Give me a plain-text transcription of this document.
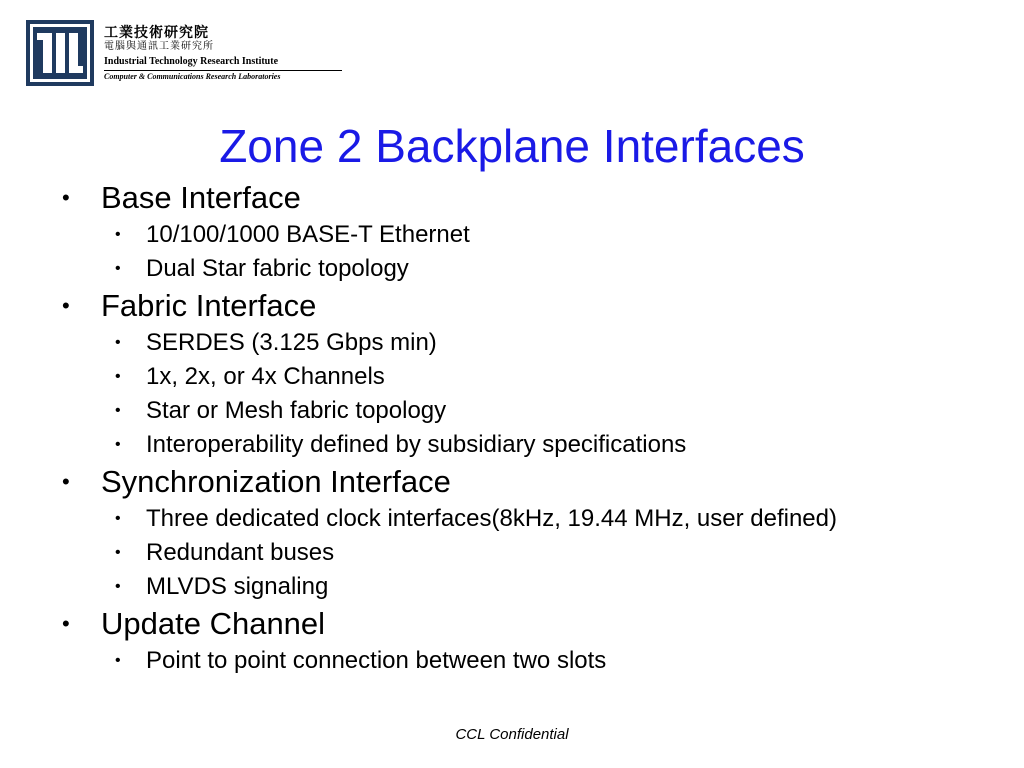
工業技術研究院
電腦與通訊工業研究所
Industrial Technology Research Institute
Computer & Communications Research Laboratories
Zone 2 Backplane Interfaces
• Base Interface
• 10/100/1000 BASE-T Ethernet
• Dual Star fabric topology
• Fabric Interface
• SERDES (3.125 Gbps min)
• 1x, 2x, or 4x Channels
• Star or Mesh fabric topology
• Interoperability defined by subsidiary specifications
• Synchronization Interface
• Three dedicated clock interfaces(8kHz, 19.44 MHz, user defined)
• Redundant buses
• MLVDS signaling
• Update Channel
• Point to point connection between two slots
CCL Confidential
